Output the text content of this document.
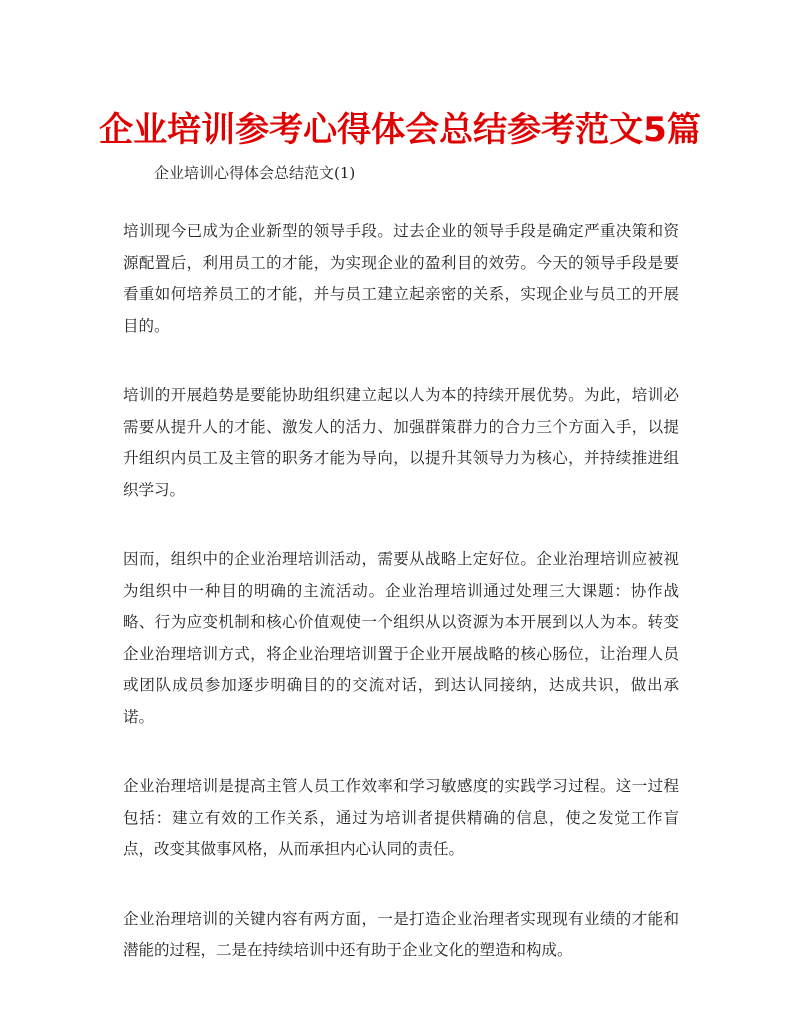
企业培训参考心得体会总结参考范文5篇
企业培训心得体会总结范文(1)

培训现今已成为企业新型的领导手段。过去企业的领导手段是确定严重决策和资源配置后，利用员工的才能，为实现企业的盈利目的效劳。今天的领导手段是要看重如何培养员工的才能，并与员工建立起亲密的关系，实现企业与员工的开展目的。

培训的开展趋势是要能协助组织建立起以人为本的持续开展优势。为此，培训必需要从提升人的才能、激发人的活力、加强群策群力的合力三个方面入手，以提升组织内员工及主管的职务才能为导向，以提升其领导力为核心，并持续推进组织学习。

因而，组织中的企业治理培训活动，需要从战略上定好位。企业治理培训应被视为组织中一种目的明确的主流活动。企业治理培训通过处理三大课题：协作战略、行为应变机制和核心价值观使一个组织从以资源为本开展到以人为本。转变企业治理培训方式，将企业治理培训置于企业开展战略的核心肠位，让治理人员或团队成员参加逐步明确目的的交流对话，到达认同接纳，达成共识，做出承诺。

企业治理培训是提高主管人员工作效率和学习敏感度的实践学习过程。这一过程包括：建立有效的工作关系，通过为培训者提供精确的信息，使之发觉工作盲点，改变其做事风格，从而承担内心认同的责任。

企业治理培训的关键内容有两方面，一是打造企业治理者实现现有业绩的才能和潜能的过程，二是在持续培训中还有助于企业文化的塑造和构成。
